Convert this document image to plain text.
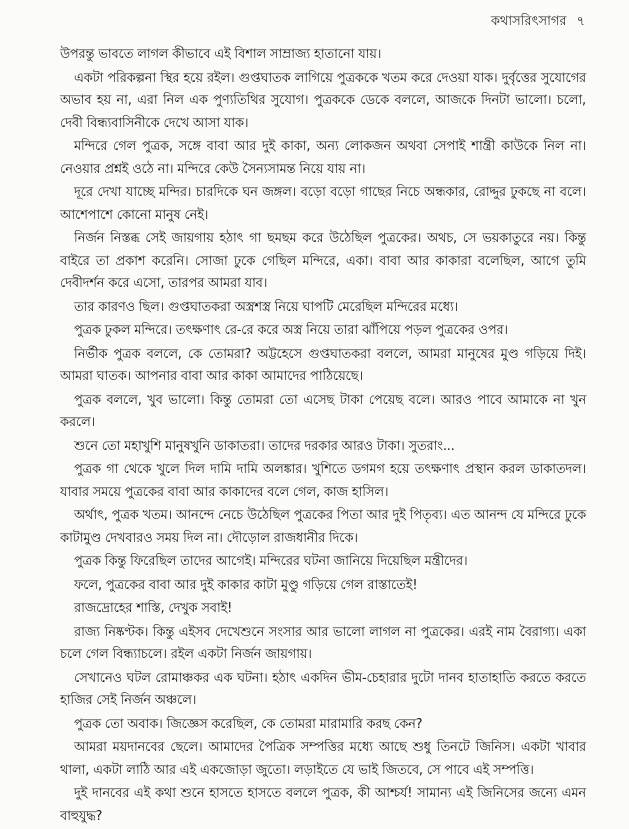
কথাসরিৎসাগর ৭

উপরন্তু ভাবতে লাগল কীভাবে এই বিশাল সাম্রাজ্য হাতানো যায়।

একটা পরিকল্পনা স্থির হয়ে রইল। গুপ্তঘাতক লাগিয়ে পুত্রককে খতম করে দেওয়া যাক। দুর্বৃত্তের সুযোগের অভাব হয় না, এরা নিল এক পুণ্যতিথির সুযোগ। পুত্রককে ডেকে বললে, আজকে দিনটা ভালো। চলো, দেবী বিন্ধ্যবাসিনীকে দেখে আসা যাক।

মন্দিরে গেল পুত্রক, সঙ্গে বাবা আর দুই কাকা, অন্য লোকজন অথবা সেপাই শান্ত্রী কাউকে নিল না। নেওয়ার প্রশ্নই ওঠে না। মন্দিরে কেউ সৈন্যসামন্ত নিয়ে যায় না।

দূরে দেখা যাচ্ছে মন্দির। চারদিকে ঘন জঙ্গল। বড়ো বড়ো গাছের নিচে অন্ধকার, রোদ্দুর ঢুকছে না বলে। আশেপাশে কোনো মানুষ নেই।

নির্জন নিস্তব্ধ সেই জায়গায় হঠাৎ গা ছমছম করে উঠেছিল পুত্রকের। অথচ, সে ভয়কাতুরে নয়। কিন্তু বাইরে তা প্রকাশ করেনি। সোজা ঢুকে গেছিল মন্দিরে, একা। বাবা আর কাকারা বলেছিল, আগে তুমি দেবীদর্শন করে এসো, তারপর আমরা যাব।

তার কারণও ছিল। গুপ্তঘাতকরা অস্ত্রশস্ত্র নিয়ে ঘাপটি মেরেছিল মন্দিরের মধ্যে।

পুত্রক ঢুকল মন্দিরে। তৎক্ষণাৎ রে-রে করে অস্ত্র নিয়ে তারা ঝাঁপিয়ে পড়ল পুত্রকের ওপর।

নির্ভীক পুত্রক বললে, কে তোমরা? অট্টহেসে গুপ্তঘাতকরা বললে, আমরা মানুষের মুণ্ড গড়িয়ে দিই। আমরা ঘাতক। আপনার বাবা আর কাকা আমাদের পাঠিয়েছে।

পুত্রক বললে, খুব ভালো। কিন্তু তোমরা তো এসেছ টাকা পেয়েছ বলে। আরও পাবে আমাকে না খুন করলে।

শুনে তো মহাখুশি মানুষখুনি ডাকাতরা। তাদের দরকার আরও টাকা। সুতরাং...

পুত্রক গা থেকে খুলে দিল দামি দামি অলঙ্কার। খুশিতে ডগমগ হয়ে তৎক্ষণাৎ প্রস্থান করল ডাকাতদল। যাবার সময়ে পুত্রকের বাবা আর কাকাদের বলে গেল, কাজ হাসিল।

অর্থাৎ, পুত্রক খতম। আনন্দে নেচে উঠেছিল পুত্রকের পিতা আর দুই পিতৃব্য। এত আনন্দ যে মন্দিরে ঢুকে কাটামুণ্ড দেখবারও সময় দিল না। দৌড়োল রাজধানীর দিকে।

পুত্রক কিন্তু ফিরেছিল তাদের আগেই। মন্দিরের ঘটনা জানিয়ে দিয়েছিল মন্ত্রীদের।

ফলে, পুত্রকের বাবা আর দুই কাকার কাটা মুণ্ডু গড়িয়ে গেল রাস্তাতেই!

রাজদ্রোহের শাস্তি, দেখুক সবাই!

রাজ্য নিষ্কণ্টক। কিন্তু এইসব দেখেশুনে সংসার আর ভালো লাগল না পুত্রকের। এরই নাম বৈরাগ্য। একা চলে গেল বিন্ধ্যাচলে। রইল একটা নির্জন জায়গায়।

সেখানেও ঘটল রোমাঞ্চকর এক ঘটনা। হঠাৎ একদিন ভীম-চেহারার দুটো দানব হাতাহাতি করতে করতে হাজির সেই নির্জন অঞ্চলে।

পুত্রক তো অবাক। জিজ্ঞেস করেছিল, কে তোমরা মারামারি করছ কেন?

আমরা ময়দানবের ছেলে। আমাদের পৈত্রিক সম্পত্তির মধ্যে আছে শুধু তিনটে জিনিস। একটা খাবার থালা, একটা লাঠি আর এই একজোড়া জুতো। লড়াইতে যে ভাই জিতবে, সে পাবে এই সম্পত্তি।

দুই দানবের এই কথা শুনে হাসতে হাসতে বললে পুত্রক, কী আশ্চর্য! সামান্য এই জিনিসের জন্যে এমন বাহুযুদ্ধ?
